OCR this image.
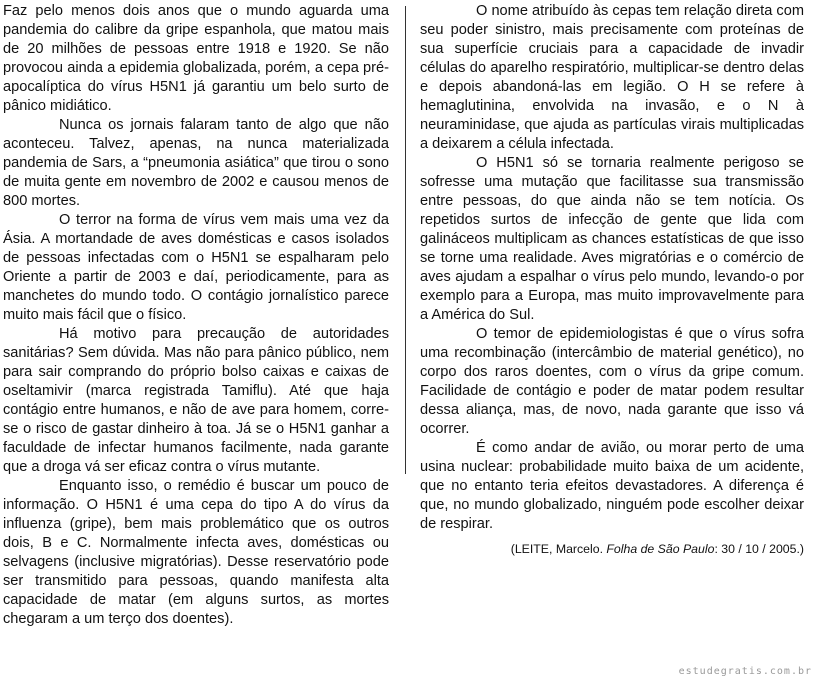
Faz pelo menos dois anos que o mundo aguarda uma pandemia do calibre da gripe espanhola, que matou mais de 20 milhões de pessoas entre 1918 e 1920. Se não provocou ainda a epidemia globalizada, porém, a cepa pré-apocalíptica do vírus H5N1 já garantiu um belo surto de pânico midiático.

Nunca os jornais falaram tanto de algo que não aconteceu. Talvez, apenas, na nunca materializada pandemia de Sars, a “pneumonia asiática” que tirou o sono de muita gente em novembro de 2002 e causou menos de 800 mortes.

O terror na forma de vírus vem mais uma vez da Ásia. A mortandade de aves domésticas e casos isolados de pessoas infectadas com o H5N1 se espalharam pelo Oriente a partir de 2003 e daí, periodicamente, para as manchetes do mundo todo. O contágio jornalístico parece muito mais fácil que o físico.

Há motivo para precaução de autoridades sanitárias? Sem dúvida. Mas não para pânico público, nem para sair comprando do próprio bolso caixas e caixas de oseltamivir (marca registrada Tamiflu). Até que haja contágio entre humanos, e não de ave para homem, corre-se o risco de gastar dinheiro à toa. Já se o H5N1 ganhar a faculdade de infectar humanos facilmente, nada garante que a droga vá ser eficaz contra o vírus mutante.

Enquanto isso, o remédio é buscar um pouco de informação. O H5N1 é uma cepa do tipo A do vírus da influenza (gripe), bem mais problemático que os outros dois, B e C. Normalmente infecta aves, domésticas ou selvagens (inclusive migratórias). Desse reservatório pode ser transmitido para pessoas, quando manifesta alta capacidade de matar (em alguns surtos, as mortes chegaram a um terço dos doentes).

O nome atribuído às cepas tem relação direta com seu poder sinistro, mais precisamente com proteínas de sua superfície cruciais para a capacidade de invadir células do aparelho respiratório, multiplicar-se dentro delas e depois abandoná-las em legião. O H se refere à hemaglutinina, envolvida na invasão, e o N à neuraminidase, que ajuda as partículas virais multiplicadas a deixarem a célula infectada.

O H5N1 só se tornaria realmente perigoso se sofresse uma mutação que facilitasse sua transmissão entre pessoas, do que ainda não se tem notícia. Os repetidos surtos de infecção de gente que lida com galináceos multiplicam as chances estatísticas de que isso se torne uma realidade. Aves migratórias e o comércio de aves ajudam a espalhar o vírus pelo mundo, levando-o por exemplo para a Europa, mas muito improvavelmente para a América do Sul.

O temor de epidemiologistas é que o vírus sofra uma recombinação (intercâmbio de material genético), no corpo dos raros doentes, com o vírus da gripe comum. Facilidade de contágio e poder de matar podem resultar dessa aliança, mas, de novo, nada garante que isso vá ocorrer.

É como andar de avião, ou morar perto de uma usina nuclear: probabilidade muito baixa de um acidente, que no entanto teria efeitos devastadores. A diferença é que, no mundo globalizado, ninguém pode escolher deixar de respirar.

(LEITE, Marcelo. Folha de São Paulo: 30 / 10 / 2005.)
estudegratis.com.br
